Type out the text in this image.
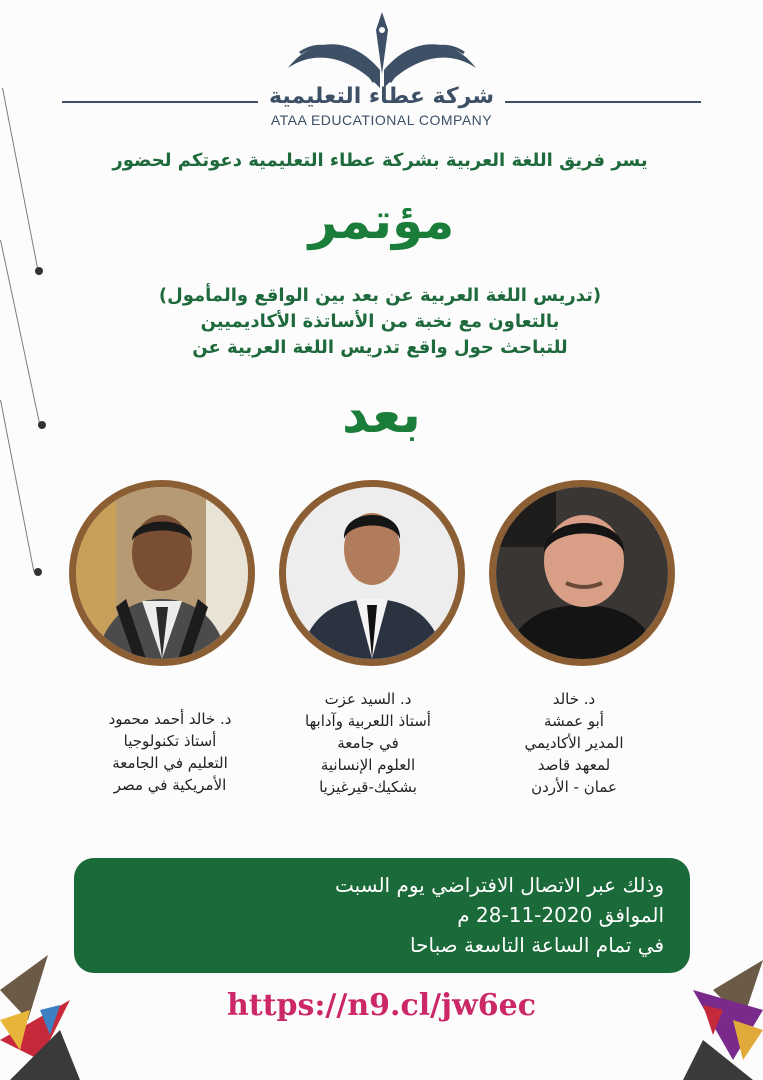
شركة عطاء التعليمية
ATAA EDUCATIONAL COMPANY
يسر فريق اللغة العربية بشركة عطاء التعليمية دعوتكم لحضور
مؤتمر
(تدريس اللغة العربية عن بعد بين الواقع والمأمول)
بالتعاون مع نخبة من الأساتذة الأكاديميين
للتباحث حول واقع تدريس اللغة العربية عن
بعد
د. خالد أحمد محمود
أستاذ تكنولوجيا
التعليم في الجامعة
الأمريكية في مصر
د. السيد عزت
أستاذ اللعربية وآدابها
في جامعة
العلوم الإنسانية
بشكيك-قيرغيزيا
د. خالد
أبو عمشة
المدير الأكاديمي
لمعهد قاصد
عمان - الأردن
وذلك عبر الاتصال الافتراضي يوم السبت
الموافق 2020-11-28 م
في تمام الساعة التاسعة صباحا
https://n9.cl/jw6ec
